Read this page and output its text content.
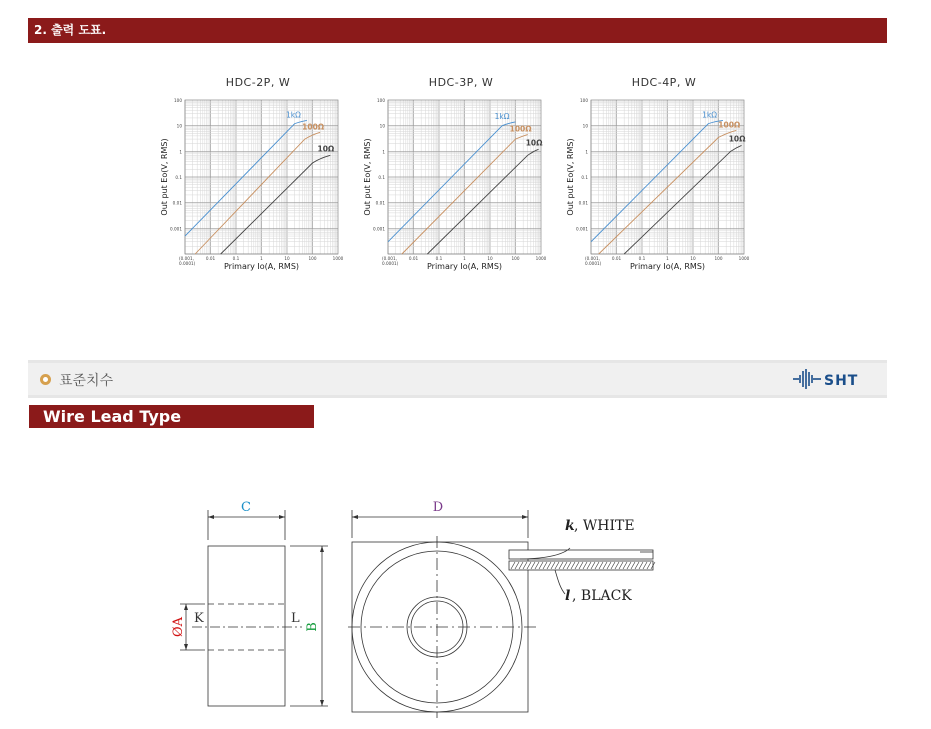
2. 출력 도표.
HDC-2P, W
100
10
1
0.1
0.01
0.001
(0.001,
0.0001)
0.01	0.1	1	10	100	1000
Primary Io(A, RMS)
Out put Eo(V, RMS)
1kΩ
100Ω
10Ω
HDC-3P, W
100
10
1
0.1
0.01
0.001
(0.001,
0.0001)
0.01	0.1	1	10	100	1000
Primary Io(A, RMS)
Out put Eo(V, RMS)
1kΩ
100Ω
10Ω
HDC-4P, W
100
10
1
0.1
0.01
0.001
(0.001,
0.0001)
0.01	0.1	1	10	100	1000
Primary Io(A, RMS)
Out put Eo(V, RMS)
1kΩ
100Ω
10Ω
표준치수	SHT
Wire Lead Type
C	D
K	L
ØA	B
k , WHITE
l , BLACK
